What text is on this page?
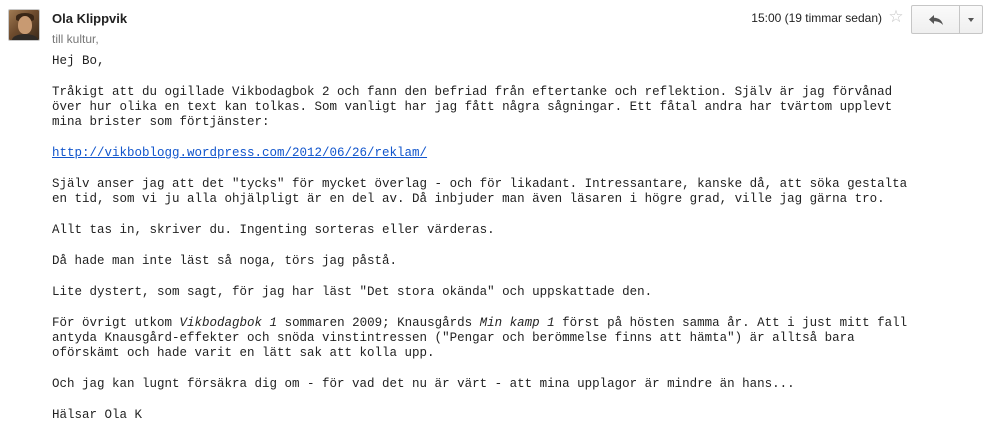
Ola Klippvik
till kultur,
15:00 (19 timmar sedan) ☆

Hej Bo,

Tråkigt att du ogillade Vikbodagbok 2 och fann den befriad från eftertanke och reflektion. Själv är jag förvånad
över hur olika en text kan tolkas. Som vanligt har jag fått några sågningar. Ett fåtal andra har tvärtom upplevt
mina brister som förtjänster:

http://vikboblogg.wordpress.com/2012/06/26/reklam/

Själv anser jag att det "tycks" för mycket överlag - och för likadant. Intressantare, kanske då, att söka gestalta
en tid, som vi ju alla ohjälpligt är en del av. Då inbjuder man även läsaren i högre grad, ville jag gärna tro.

Allt tas in, skriver du. Ingenting sorteras eller värderas.

Då hade man inte läst så noga, törs jag påstå.

Lite dystert, som sagt, för jag har läst "Det stora okända" och uppskattade den.

För övrigt utkom Vikbodagbok 1 sommaren 2009; Knausgårds Min kamp 1 först på hösten samma år. Att i just mitt fall
antyda Knausgård-effekter och snöda vinstintressen ("Pengar och berömmelse finns att hämta") är alltså bara
oförskämt och hade varit en lätt sak att kolla upp.

Och jag kan lugnt försäkra dig om - för vad det nu är värt - att mina upplagor är mindre än hans...

Hälsar Ola K
